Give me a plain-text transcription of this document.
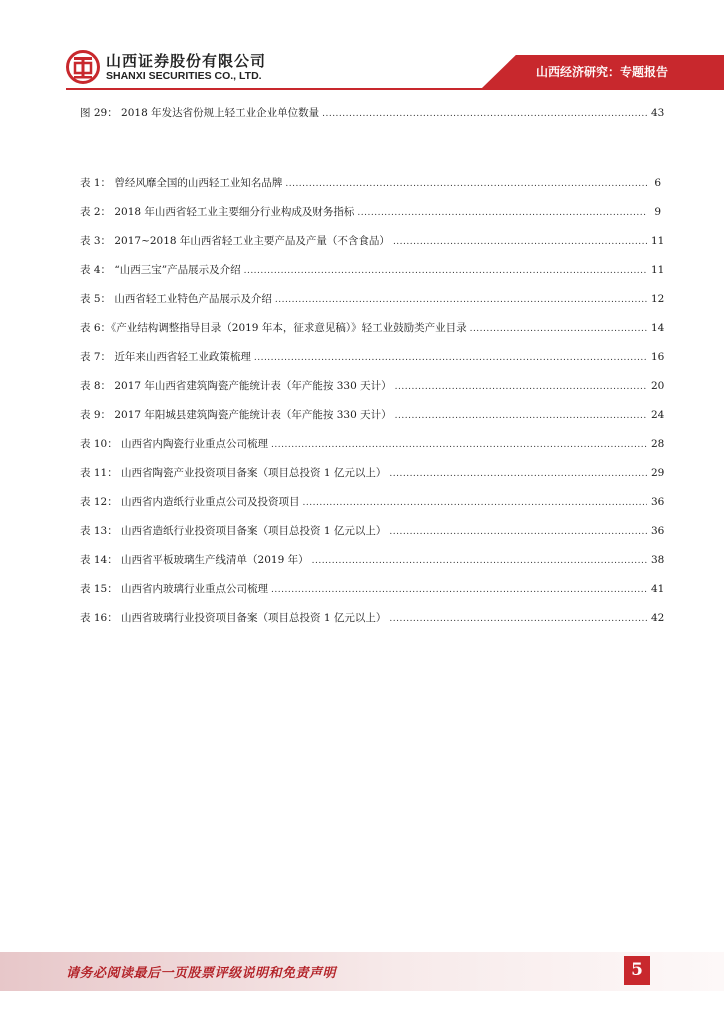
山西证券股份有限公司
SHANXI SECURITIES CO., LTD.	山西经济研究：专题报告
图 29： 2018 年发达省份规上轻工业企业单位数量 .....	43
表 1： 曾经风靡全国的山西轻工业知名品牌 .....	6
表 2： 2018 年山西省轻工业主要细分行业构成及财务指标 .....	9
表 3： 2017~2018 年山西省轻工业主要产品及产量（不含食品） .....	11
表 4： “山西三宝”产品展示及介绍 .....	11
表 5： 山西省轻工业特色产品展示及介绍 .....	12
表 6：《产业结构调整指导目录（2019 年本，征求意见稿）》轻工业鼓励类产业目录 .....	14
表 7： 近年来山西省轻工业政策梳理 .....	16
表 8： 2017 年山西省建筑陶瓷产能统计表（年产能按 330 天计） .....	20
表 9： 2017 年阳城县建筑陶瓷产能统计表（年产能按 330 天计） .....	24
表 10： 山西省内陶瓷行业重点公司梳理 .....	28
表 11： 山西省陶瓷产业投资项目备案（项目总投资 1 亿元以上） .....	29
表 12： 山西省内造纸行业重点公司及投资项目 .....	36
表 13： 山西省造纸行业投资项目备案（项目总投资 1 亿元以上） .....	36
表 14： 山西省平板玻璃生产线清单（2019 年） .....	38
表 15： 山西省内玻璃行业重点公司梳理 .....	41
表 16： 山西省玻璃行业投资项目备案（项目总投资 1 亿元以上） .....	42
请务必阅读最后一页股票评级说明和免责声明	5
